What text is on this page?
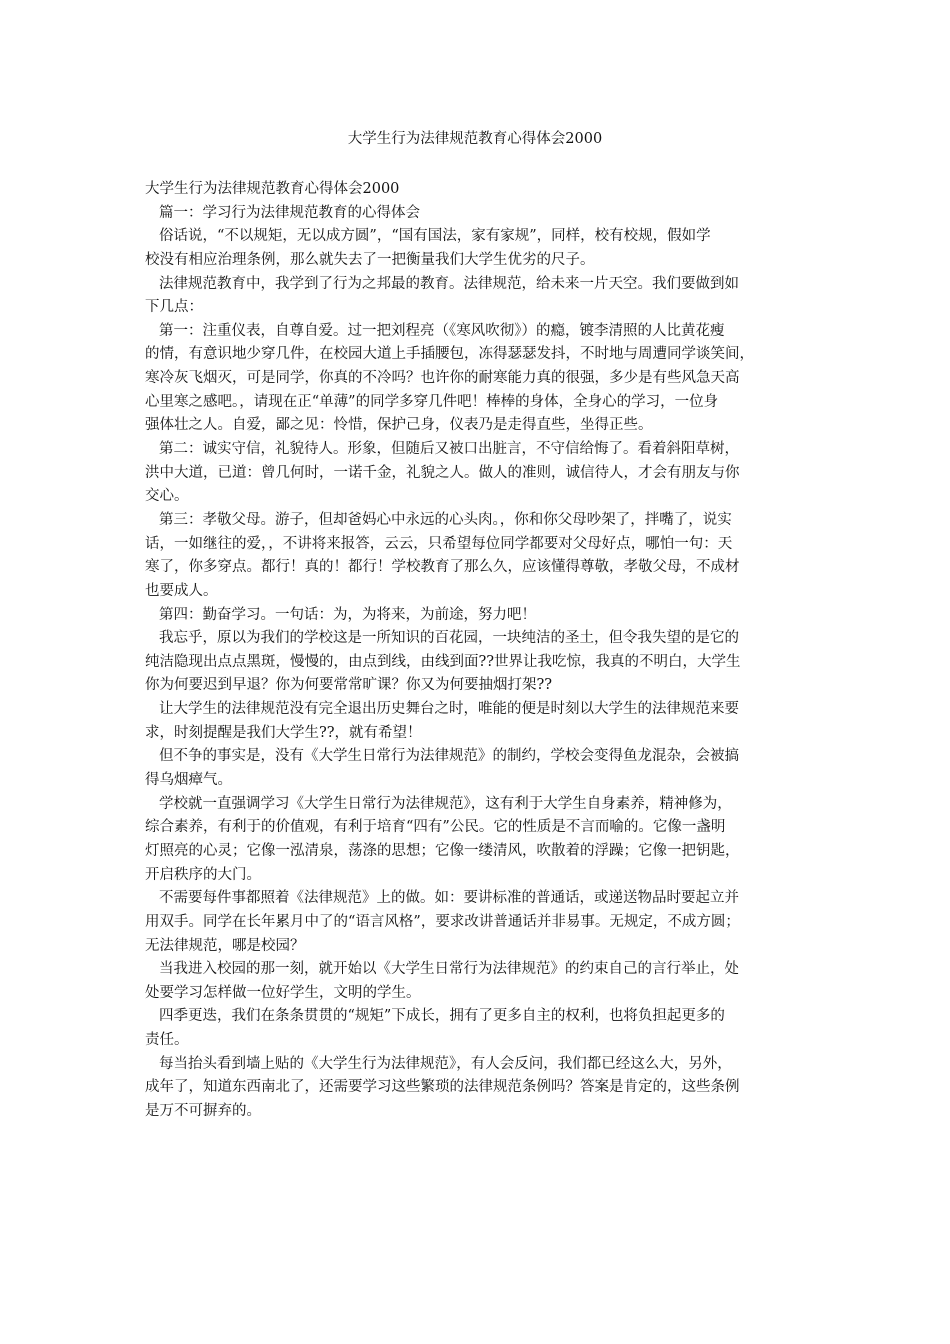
大学生行为法律规范教育心得体会2000
大学生行为法律规范教育心得体会2000
篇一：学习行为法律规范教育的心得体会
俗话说，“不以规矩，无以成方圆”，“国有国法，家有家规”，同样，校有校规，假如学
校没有相应治理条例，那么就失去了一把衡量我们大学生优劣的尺子。
法律规范教育中，我学到了行为之邦最的教育。法律规范，给未来一片天空。我们要做到如
下几点：
第一：注重仪表，自尊自爱。过一把刘程亮（《寒风吹彻》）的瘾，镀李清照的人比黄花瘦
的情，有意识地少穿几件，在校园大道上手插腰包，冻得瑟瑟发抖，不时地与周遭同学谈笑间，
寒冷灰飞烟灭，可是同学，你真的不冷吗？也许你的耐寒能力真的很强，多少是有些风急天高
心里寒之感吧。，请现在正“单薄”的同学多穿几件吧！棒棒的身体，全身心的学习，一位身
强体壮之人。自爱，鄙之见：怜惜，保护己身，仪表乃是走得直些，坐得正些。
第二：诚实守信，礼貌待人。形象，但随后又被口出脏言，不守信给悔了。看着斜阳草树，
洪中大道，已道：曾几何时，一诺千金，礼貌之人。做人的准则，诚信待人，才会有朋友与你
交心。
第三：孝敬父母。游子，但却爸妈心中永远的心头肉。，你和你父母吵架了，拌嘴了，说实
话，一如继往的爱，，不讲将来报答，云云，只希望每位同学都要对父母好点，哪怕一句：天
寒了，你多穿点。都行！真的！都行！学校教育了那么久，应该懂得尊敬，孝敬父母，不成材
也要成人。
第四：勤奋学习。一句话：为，为将来，为前途，努力吧！
我忘乎，原以为我们的学校这是一所知识的百花园，一块纯洁的圣土，但令我失望的是它的
纯洁隐现出点点黑斑，慢慢的，由点到线，由线到面??世界让我吃惊，我真的不明白，大学生
你为何要迟到早退？你为何要常常旷课？你又为何要抽烟打架??
让大学生的法律规范没有完全退出历史舞台之时，唯能的便是时刻以大学生的法律规范来要
求，时刻提醒是我们大学生??，就有希望！
但不争的事实是，没有《大学生日常行为法律规范》的制约，学校会变得鱼龙混杂，会被搞
得乌烟瘴气。
学校就一直强调学习《大学生日常行为法律规范》，这有利于大学生自身素养，精神修为，
综合素养，有利于的价值观，有利于培育“四有”公民。它的性质是不言而喻的。它像一盏明
灯照亮的心灵；它像一泓清泉，荡涤的思想；它像一缕清风，吹散着的浮躁；它像一把钥匙，
开启秩序的大门。
不需要每件事都照着《法律规范》上的做。如：要讲标准的普通话，或递送物品时要起立并
用双手。同学在长年累月中了的“语言风格”，要求改讲普通话并非易事。无规定，不成方圆；
无法律规范，哪是校园？
当我进入校园的那一刻，就开始以《大学生日常行为法律规范》的约束自己的言行举止，处
处要学习怎样做一位好学生，文明的学生。
四季更迭，我们在条条贯贯的“规矩”下成长，拥有了更多自主的权利，也将负担起更多的
责任。
每当抬头看到墙上贴的《大学生行为法律规范》，有人会反问，我们都已经这么大，另外，
成年了，知道东西南北了，还需要学习这些繁琐的法律规范条例吗？答案是肯定的，这些条例
是万不可摒弃的。
